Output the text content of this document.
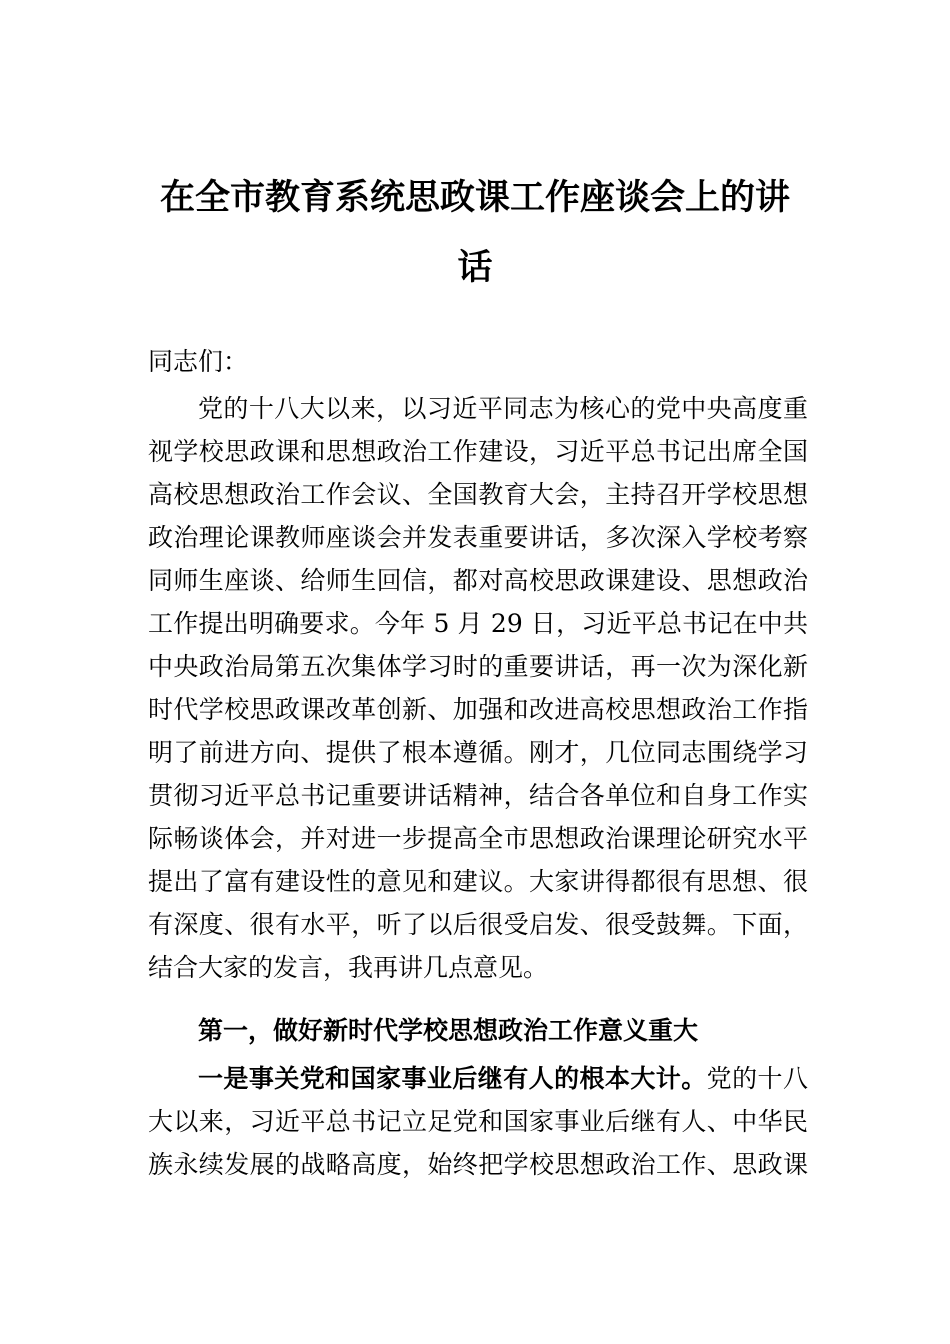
在全市教育系统思政课工作座谈会上的讲
话

同志们：

党的十八大以来，以习近平同志为核心的党中央高度重

视学校思政课和思想政治工作建设，习近平总书记出席全国

高校思想政治工作会议、全国教育大会，主持召开学校思想

政治理论课教师座谈会并发表重要讲话，多次深入学校考察

同师生座谈、给师生回信，都对高校思政课建设、思想政治

工作提出明确要求。今年 5 月 29 日，习近平总书记在中共

中央政治局第五次集体学习时的重要讲话，再一次为深化新

时代学校思政课改革创新、加强和改进高校思想政治工作指

明了前进方向、提供了根本遵循。刚才，几位同志围绕学习

贯彻习近平总书记重要讲话精神，结合各单位和自身工作实

际畅谈体会，并对进一步提高全市思想政治课理论研究水平

提出了富有建设性的意见和建议。大家讲得都很有思想、很

有深度、很有水平，听了以后很受启发、很受鼓舞。下面，

结合大家的发言，我再讲几点意见。

第一，做好新时代学校思想政治工作意义重大

一是事关党和国家事业后继有人的根本大计。党的十八

大以来，习近平总书记立足党和国家事业后继有人、中华民

族永续发展的战略高度，始终把学校思想政治工作、思政课
